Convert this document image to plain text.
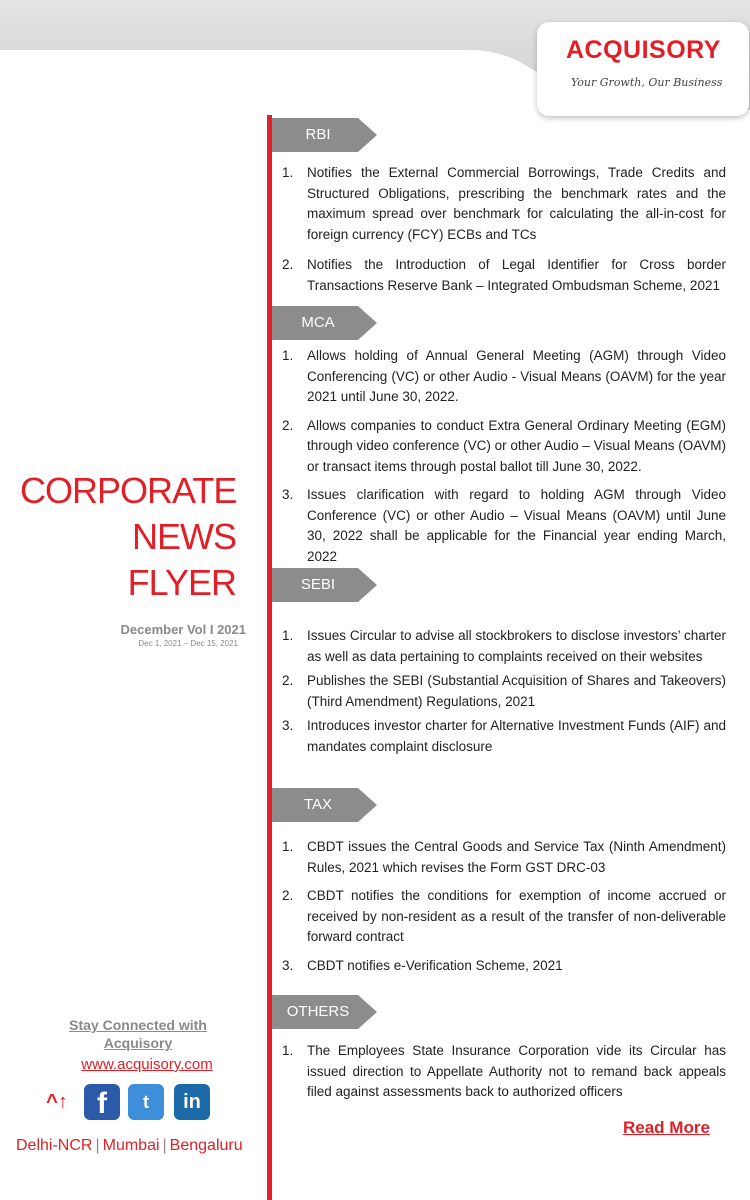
ACQUISORY
Your Growth, Our Business
CORPORATE
NEWS
FLYER
December Vol I 2021
Dec 1, 2021 – Dec 15, 2021
Stay Connected with Acquisory
www.acquisory.com
^↑ f	t	in
Delhi-NCR | Mumbai | Bengaluru
RBI
1. Notifies the External Commercial Borrowings, Trade Credits and Structured Obligations, prescribing the benchmark rates and the maximum spread over benchmark for calculating the all-in-cost for foreign currency (FCY) ECBs and TCs
2. Notifies the Introduction of Legal Identifier for Cross border Transactions Reserve Bank – Integrated Ombudsman Scheme, 2021
MCA
1. Allows holding of Annual General Meeting (AGM) through Video Conferencing (VC) or other Audio - Visual Means (OAVM) for the year 2021 until June 30, 2022.
2. Allows companies to conduct Extra General Ordinary Meeting (EGM) through video conference (VC) or other Audio – Visual Means (OAVM) or transact items through postal ballot till June 30, 2022.
3. Issues clarification with regard to holding AGM through Video Conference (VC) or other Audio – Visual Means (OAVM) until June 30, 2022 shall be applicable for the Financial year ending March, 2022
SEBI
1. Issues Circular to advise all stockbrokers to disclose investors’ charter as well as data pertaining to complaints received on their websites
2. Publishes the SEBI (Substantial Acquisition of Shares and Takeovers) (Third Amendment) Regulations, 2021
3. Introduces investor charter for Alternative Investment Funds (AIF) and mandates complaint disclosure
TAX
1. CBDT issues the Central Goods and Service Tax (Ninth Amendment) Rules, 2021 which revises the Form GST DRC-03
2. CBDT notifies the conditions for exemption of income accrued or received by non-resident as a result of the transfer of non-deliverable forward contract
3. CBDT notifies e-Verification Scheme, 2021
OTHERS
1. The Employees State Insurance Corporation vide its Circular has issued direction to Appellate Authority not to remand back appeals filed against assessments back to authorized officers
Read More
